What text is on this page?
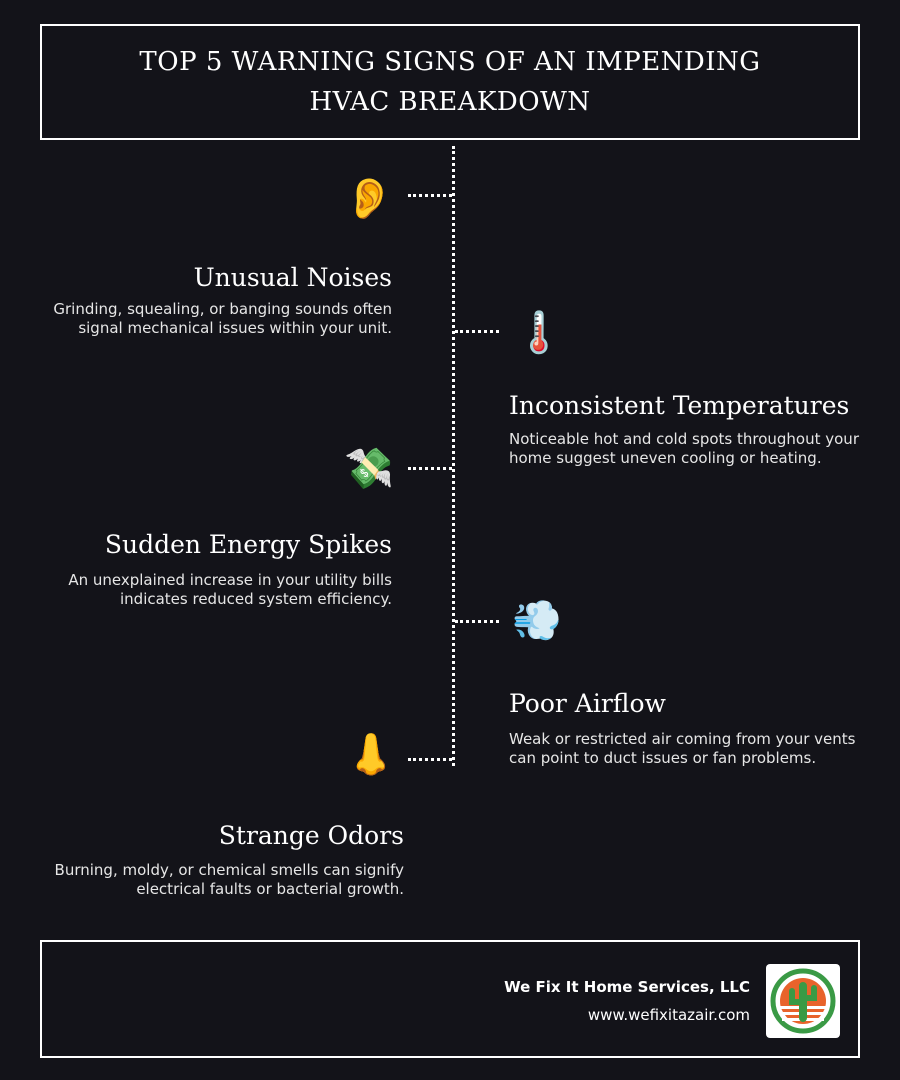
TOP 5 WARNING SIGNS OF AN IMPENDING HVAC BREAKDOWN
👂
Unusual Noises
Grinding, squealing, or banging sounds often signal mechanical issues within your unit.	🌡️
Inconsistent Temperatures
Noticeable hot and cold spots throughout your home suggest uneven cooling or heating.
💸
Sudden Energy Spikes
An unexplained increase in your utility bills indicates reduced system efficiency.	💨
Poor Airflow
Weak or restricted air coming from your vents can point to duct issues or fan problems.
👃
Strange Odors
Burning, moldy, or chemical smells can signify electrical faults or bacterial growth.
We Fix It Home Services, LLC
www.wefixitazair.com
